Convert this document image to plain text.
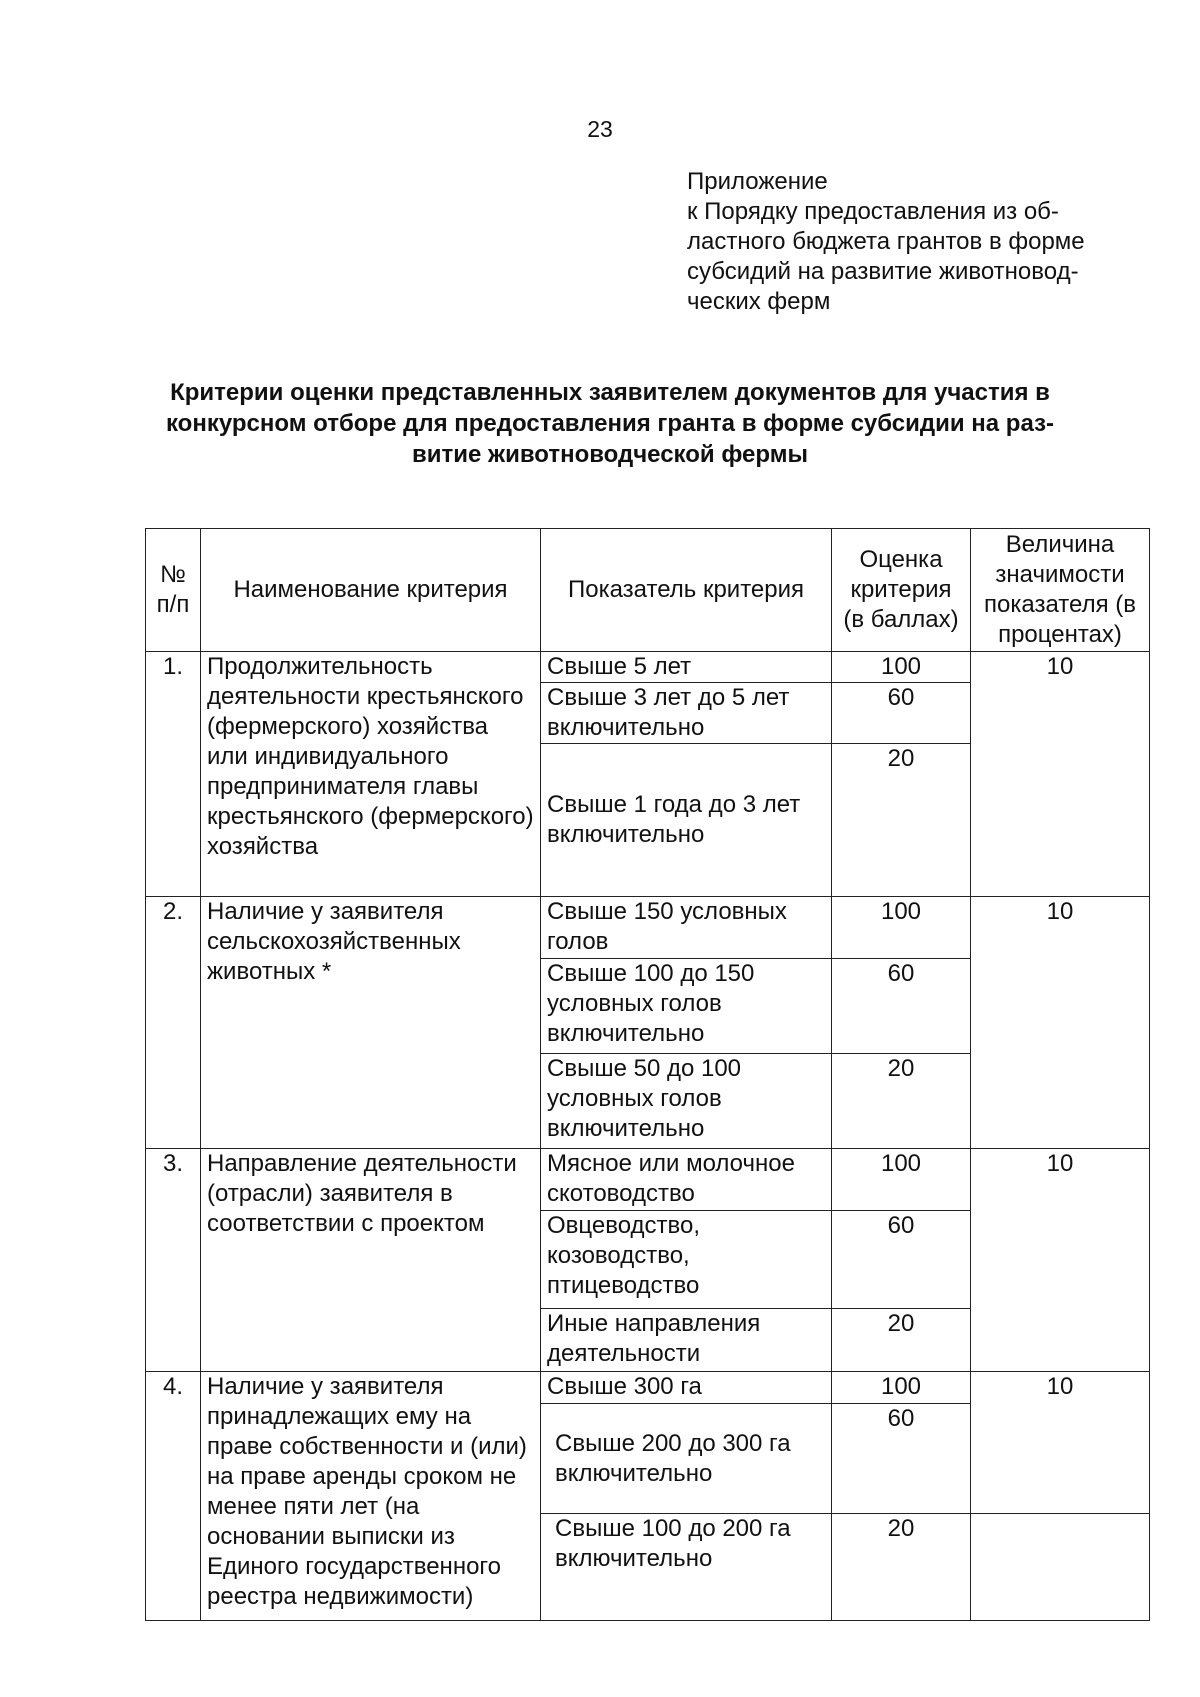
23
Приложение
к Порядку предоставления из об-
ластного бюджета грантов в форме
субсидий на развитие животновод-
ческих ферм
Критерии оценки представленных заявителем документов для участия в
конкурсном отборе для предоставления гранта в форме субсидии на раз-
витие животноводческой фермы
№ п/п	Наименование критерия	Показатель критерия	Оценка критерия (в баллах)	Величина значимости показателя (в процентах)
1.	Продолжительность деятельности крестьянского (фермерского) хозяйства или индивидуального предпринимателя главы крестьянского (фермерского) хозяйства	Свыше 5 лет	100	10
		Свыше 3 лет до 5 лет включительно	60	
		Свыше 1 года до 3 лет включительно	20	
2.	Наличие у заявителя сельскохозяйственных животных *	Свыше 150 условных голов	100	10
		Свыше 100 до 150 условных голов включительно	60	
		Свыше 50 до 100 условных голов включительно	20	
3.	Направление деятельности (отрасли) заявителя в соответствии с проектом	Мясное или молочное скотоводство	100	10
		Овцеводство, козоводство, птицеводство	60	
		Иные направления деятельности	20	
4.	Наличие у заявителя принадлежащих ему на праве собственности и (или) на праве аренды сроком не менее пяти лет (на основании выписки из Единого государственного реестра недвижимости)	Свыше 300 га	100	10
		Свыше 200 до 300 га включительно	60	
		Свыше 100 до 200 га включительно	20	
